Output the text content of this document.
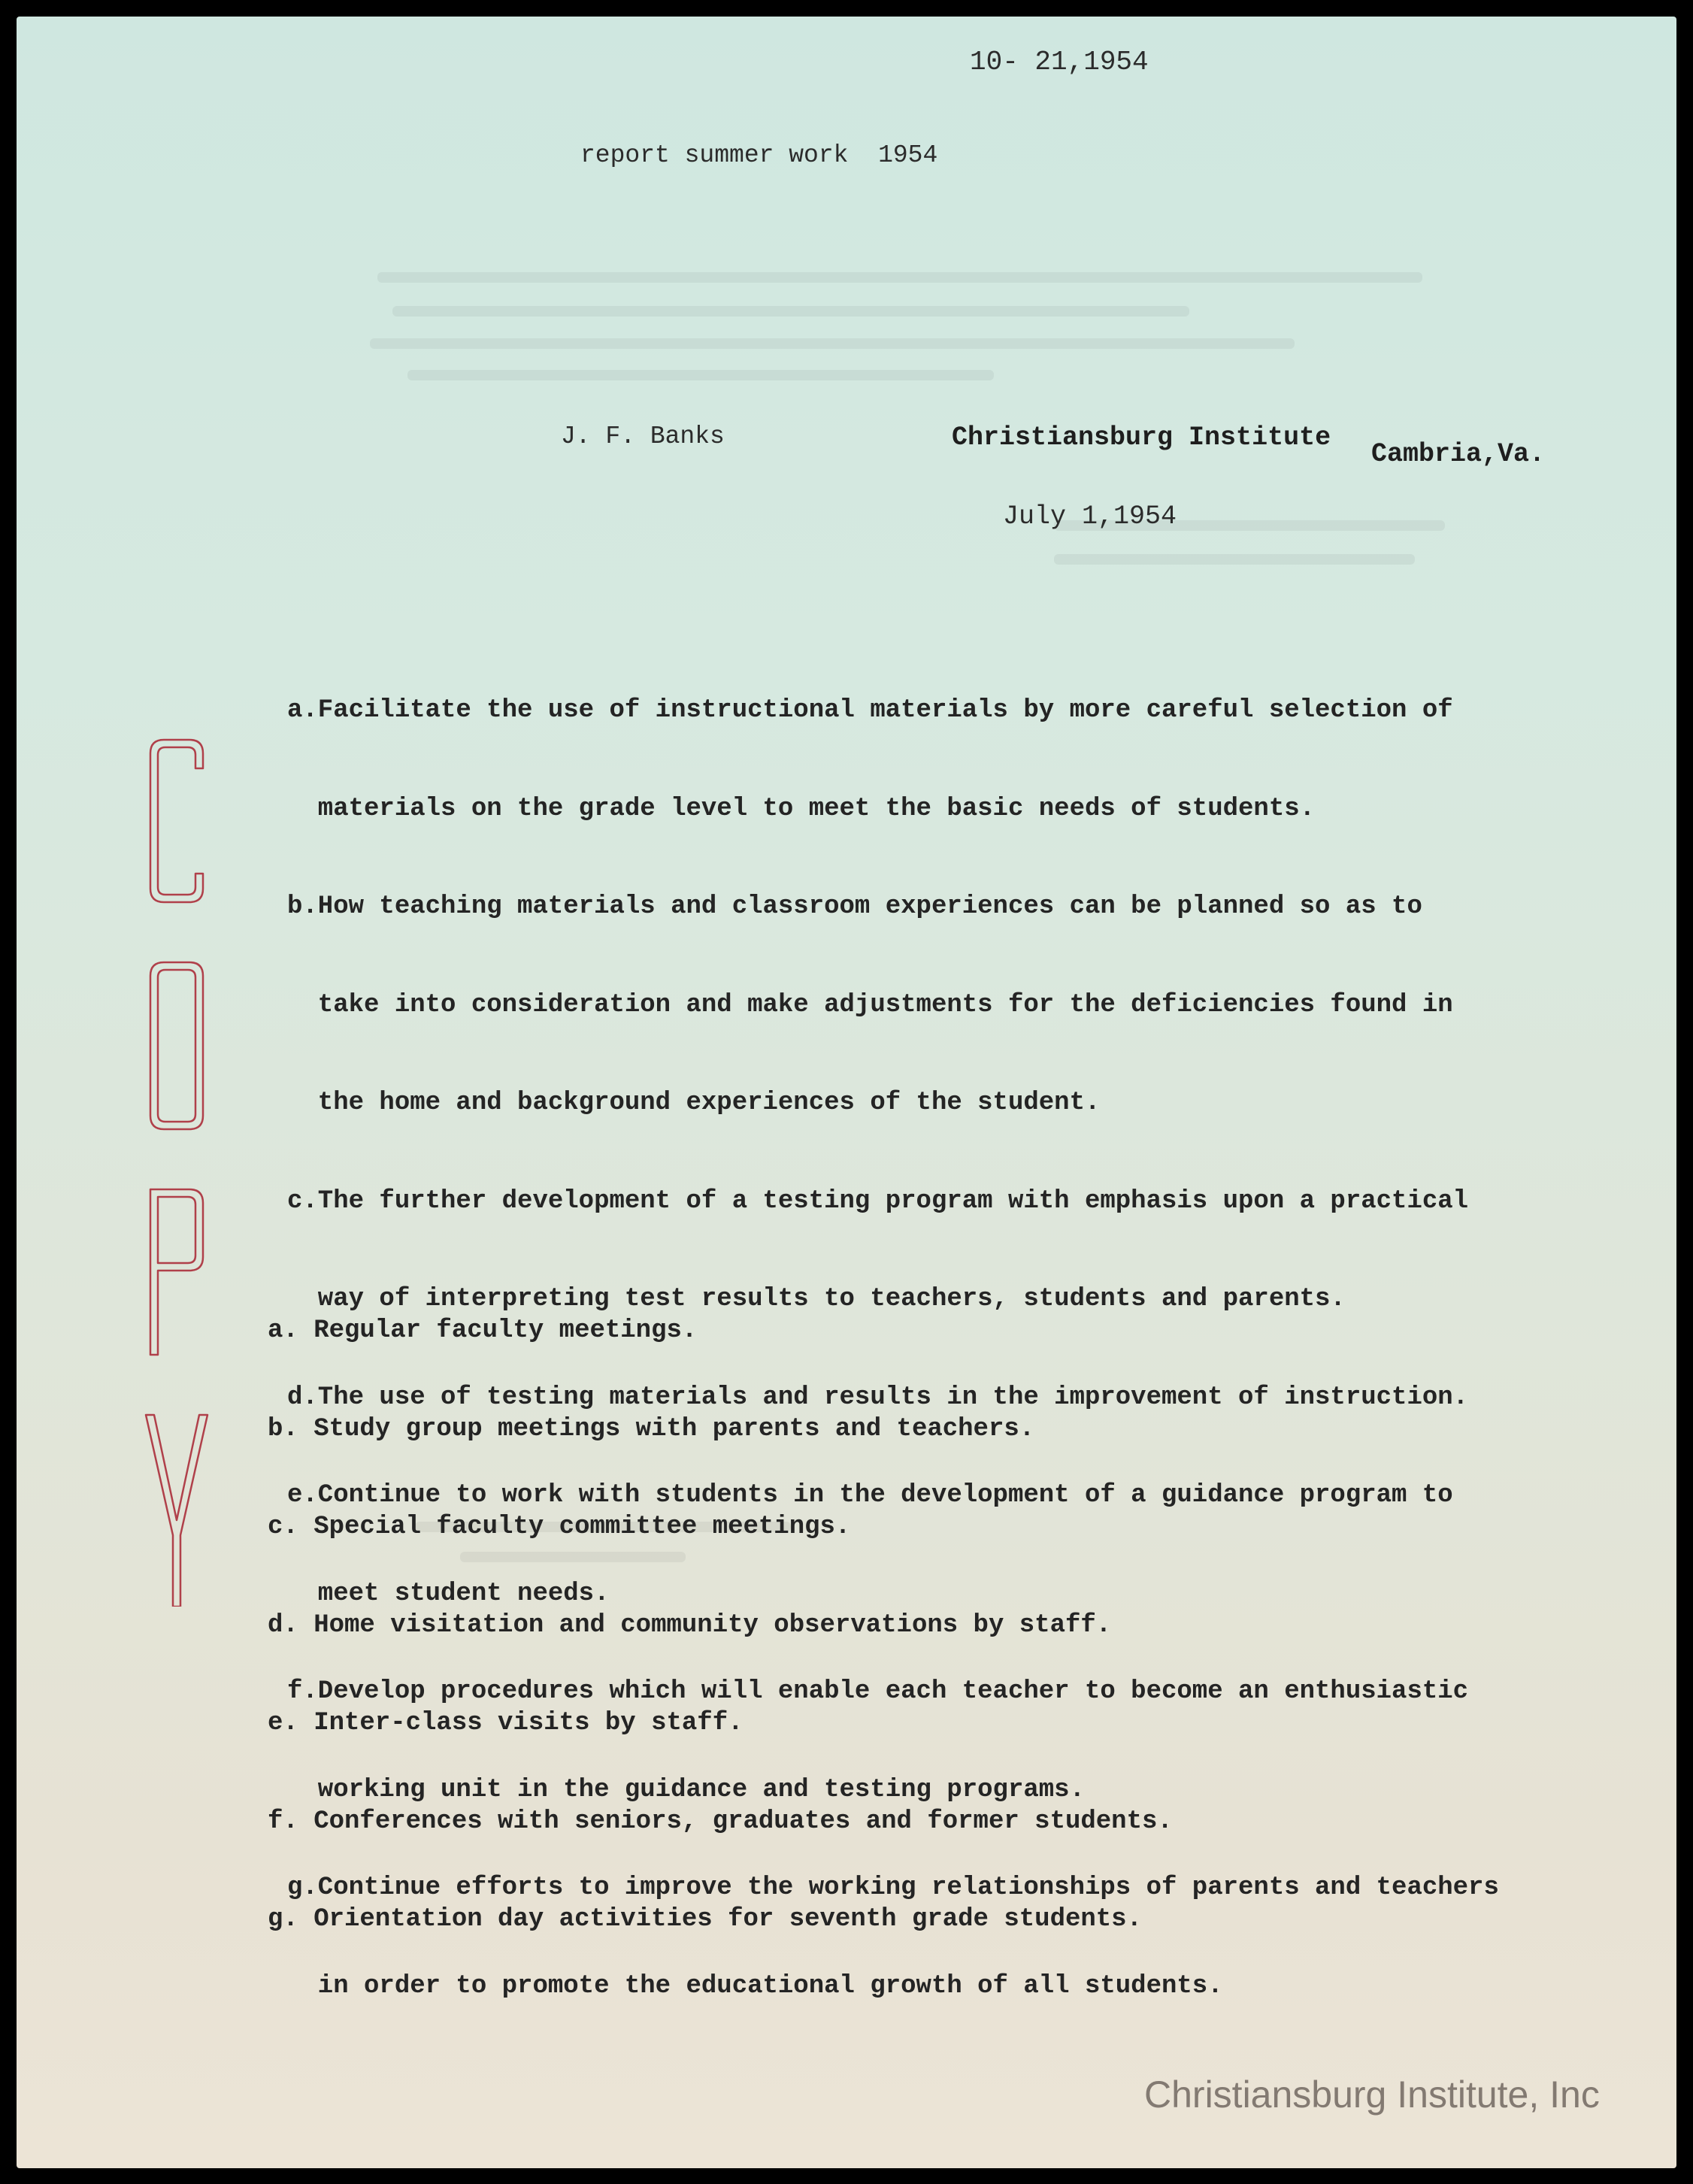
10- 21,1954
report summer work  1954
J. F. Banks	Christiansburg Institute
Cambria,Va.
July 1,1954

a.Facilitate the use of instructional materials by more careful selection of

materials on the grade level to meet the basic needs of students.

b.How teaching materials and classroom experiences can be planned so as to

take into consideration and make adjustments for the deficiencies found in

the home and background experiences of the student.

c.The further development of a testing program with emphasis upon a practical

way of interpreting test results to teachers, students and parents.

d.The use of testing materials and results in the improvement of instruction.

e.Continue to work with students in the development of a guidance program to

meet student needs.

f.Develop procedures which will enable each teacher to become an enthusiastic

working unit in the guidance and testing programs.

g.Continue efforts to improve the working relationships of parents and teachers

in order to promote the educational growth of all students.

a. Regular faculty meetings.

b. Study group meetings with parents and teachers.

c. Special faculty committee meetings.

d. Home visitation and community observations by staff.

e. Inter-class visits by staff.

f. Conferences with seniors, graduates and former students.

g. Orientation day activities for seventh grade students.

Christiansburg Institute, Inc
